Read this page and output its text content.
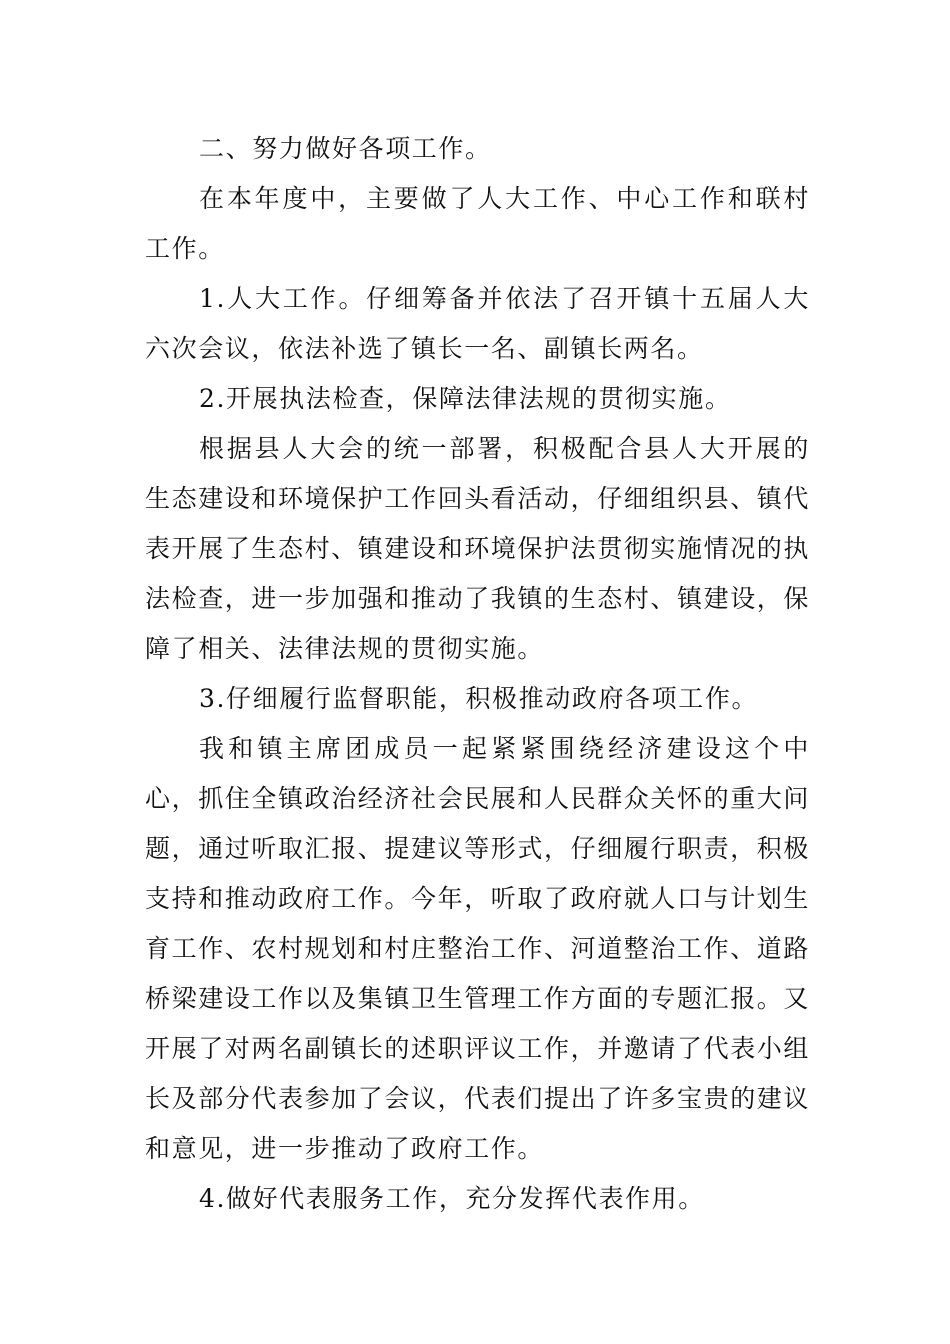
二、努力做好各项工作。

在本年度中，主要做了人大工作、中心工作和联村工作。

1.人大工作。仔细筹备并依法了召开镇十五届人大六次会议，依法补选了镇长一名、副镇长两名。

2.开展执法检查，保障法律法规的贯彻实施。

根据县人大会的统一部署，积极配合县人大开展的生态建设和环境保护工作回头看活动，仔细组织县、镇代表开展了生态村、镇建设和环境保护法贯彻实施情况的执法检查，进一步加强和推动了我镇的生态村、镇建设，保障了相关、法律法规的贯彻实施。

3.仔细履行监督职能，积极推动政府各项工作。

我和镇主席团成员一起紧紧围绕经济建设这个中心，抓住全镇政治经济社会民展和人民群众关怀的重大问题，通过听取汇报、提建议等形式，仔细履行职责，积极支持和推动政府工作。今年，听取了政府就人口与计划生育工作、农村规划和村庄整治工作、河道整治工作、道路桥梁建设工作以及集镇卫生管理工作方面的专题汇报。又开展了对两名副镇长的述职评议工作，并邀请了代表小组长及部分代表参加了会议，代表们提出了许多宝贵的建议和意见，进一步推动了政府工作。

4.做好代表服务工作，充分发挥代表作用。
